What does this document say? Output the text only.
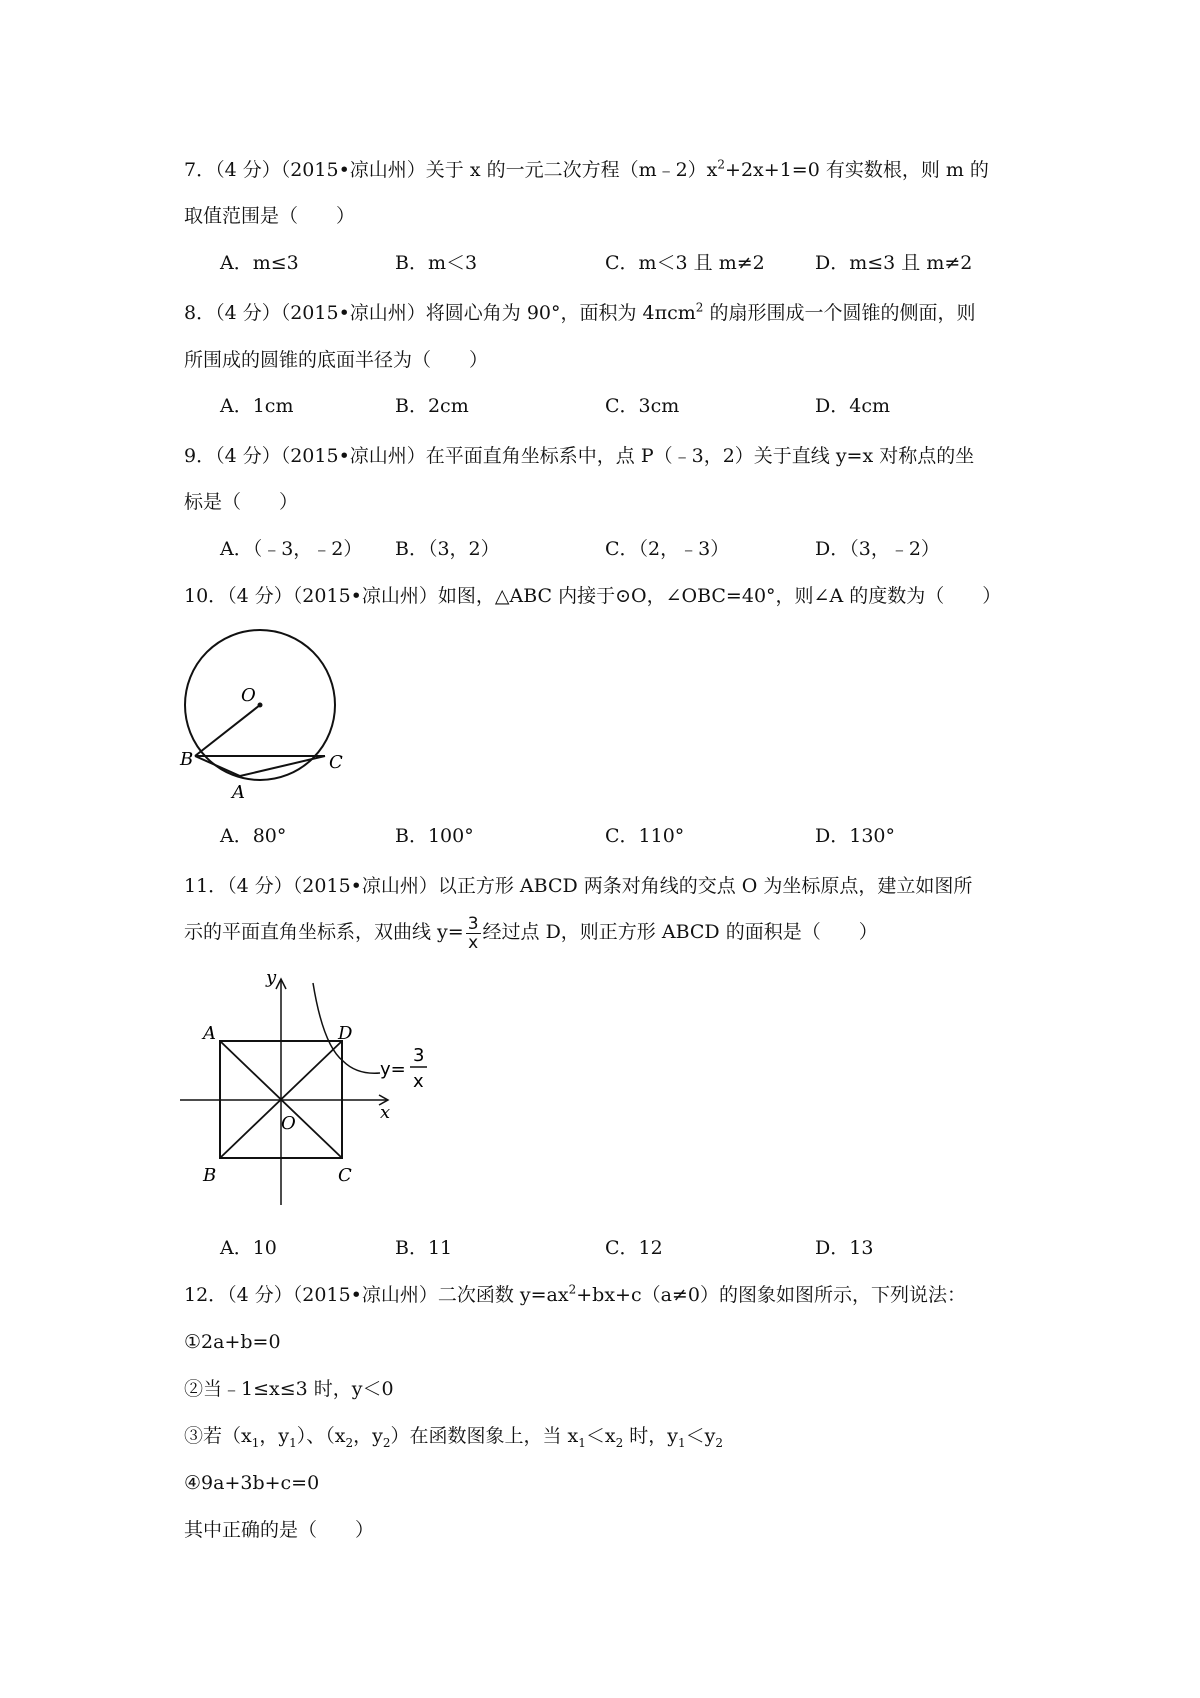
7．（4 分）（2015•凉山州）关于 x 的一元二次方程$(m﹣2)x^2+2x+1=0$ 有实数根，则 m 的
取值范围是（　　）
A．m≤3	B．m＜3	C．m＜3 且 m≠2	D．m≤3 且 m≠2
8．（4 分）（2015•凉山州）将圆心角为 90°，面积为 4πcm$^2$ 的扇形围成一个圆锥的侧面，则
所围成的圆锥的底面半径为（　　）
A．1cm	B．2cm	C．3cm	D．4cm
9．（4 分）（2015•凉山州）在平面直角坐标系中，点 P（﹣3，2）关于直线 y=x 对称点的坐
标是（　　）
A．（﹣3，﹣2） B．（3，2）	C．（2，﹣3）	D．（3，﹣2）
10．（4 分）（2015•凉山州）如图，△ABC 内接于⊙O，∠OBC=40°，则∠A 的度数为（　　）
O
B	C
A
A．80°	B．100°	C．110°	D．130°
11．（4 分）（2015•凉山州）以正方形 ABCD 两条对角线的交点 O 为坐标原点，建立如图所
示的平面直角坐标系，双曲线 $y= \frac{3}{x}$ 经过点 D，则正方形 ABCD 的面积是（　　）
y
x
A	D
B	C
O
y=
3
x
A．10	B．11	C．12	D．13
12．（4 分）（2015•凉山州）二次函数 $y=ax^2+bx+c(a\ne 0)$的图象如图所示，下列说法：
①2a+b=0
②当﹣1≤x≤3 时，y＜0
③若（$x_1$，$y_1$）、（$x_2$，$y_2$）在函数图象上，当 $x_1<x_2$ 时，$y_1<y_2$
④9a+3b+c=0
其中正确的是（　　）
